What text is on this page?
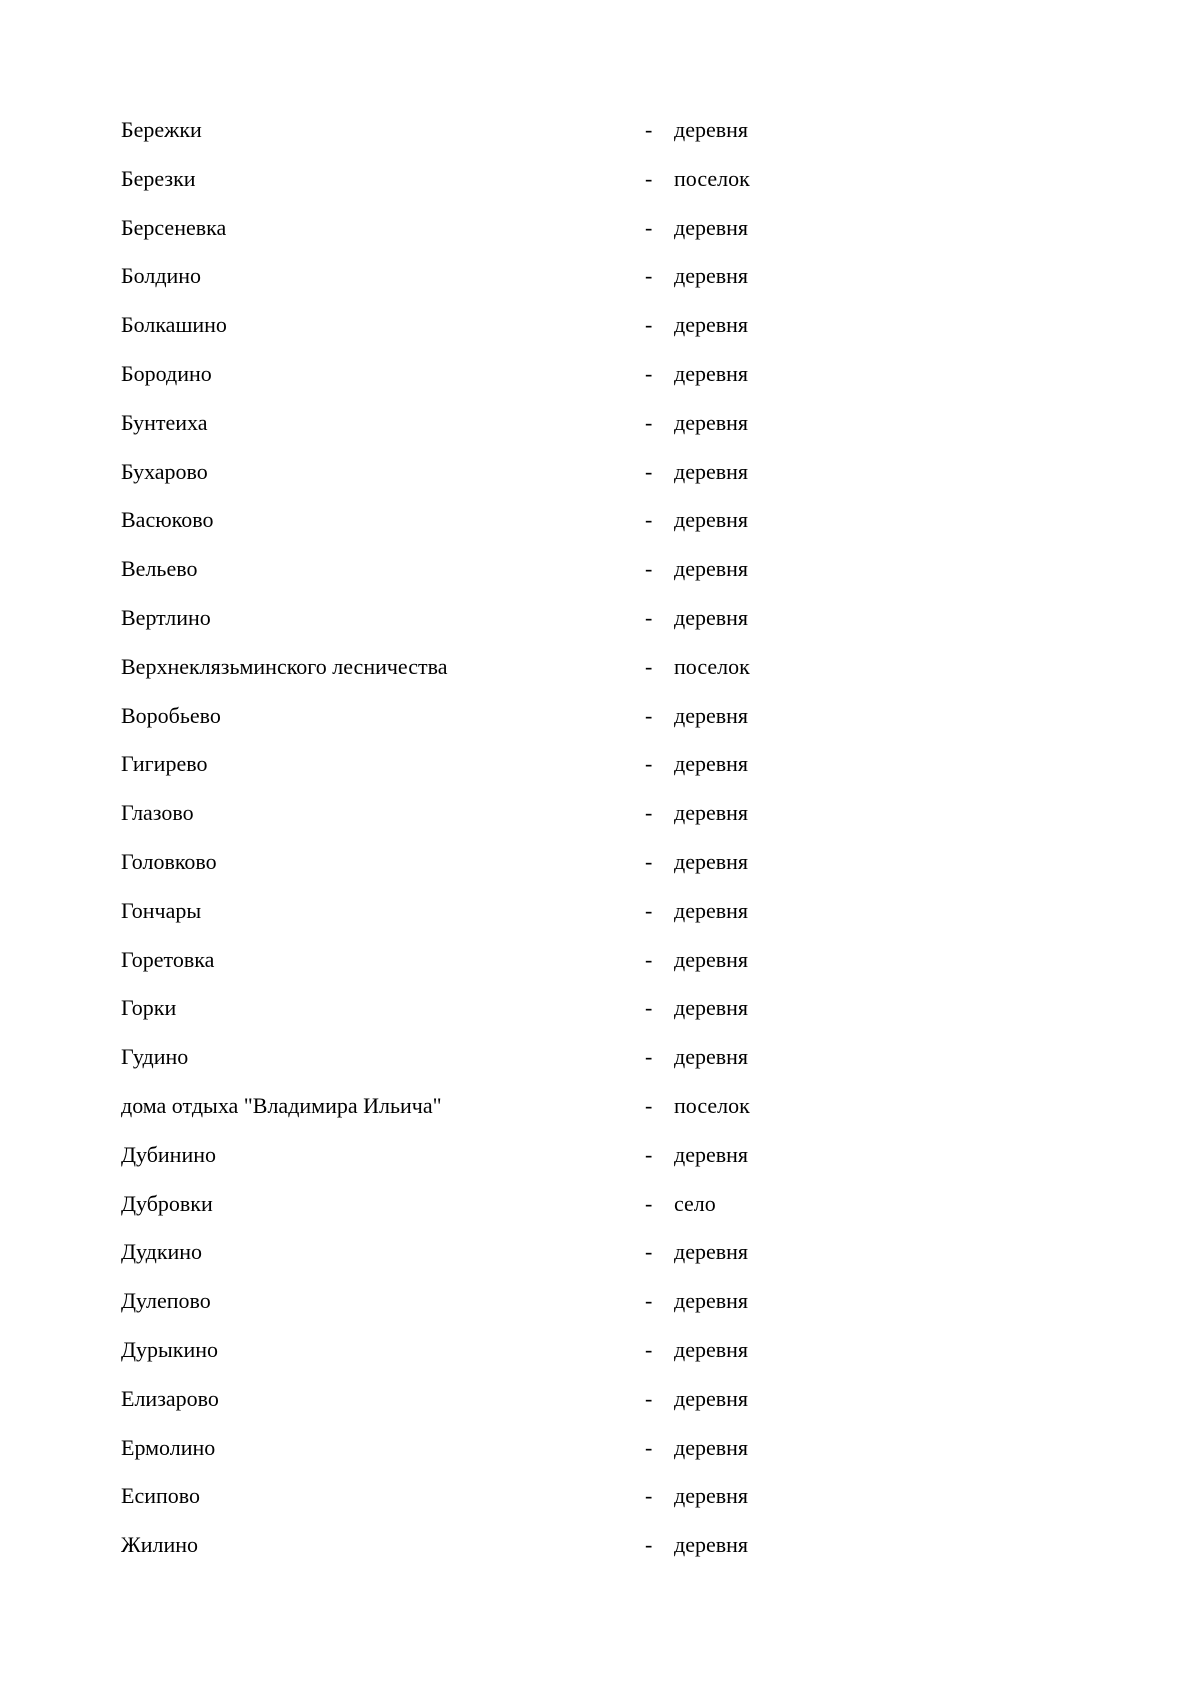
Бережки	- деревня
Березки	- поселок
Берсеневка	- деревня
Болдино	- деревня
Болкашино	- деревня
Бородино	- деревня
Бунтеиха	- деревня
Бухарово	- деревня
Васюково	- деревня
Вельево	- деревня
Вертлино	- деревня
Верхнеклязьминского лесничества	- поселок
Воробьево	- деревня
Гигирево	- деревня
Глазово	- деревня
Головково	- деревня
Гончары	- деревня
Горетовка	- деревня
Горки	- деревня
Гудино	- деревня
дома отдыха "Владимира Ильича"	- поселок
Дубинино	- деревня
Дубровки	- село
Дудкино	- деревня
Дулепово	- деревня
Дурыкино	- деревня
Елизарово	- деревня
Ермолино	- деревня
Есипово	- деревня
Жилино	- деревня
